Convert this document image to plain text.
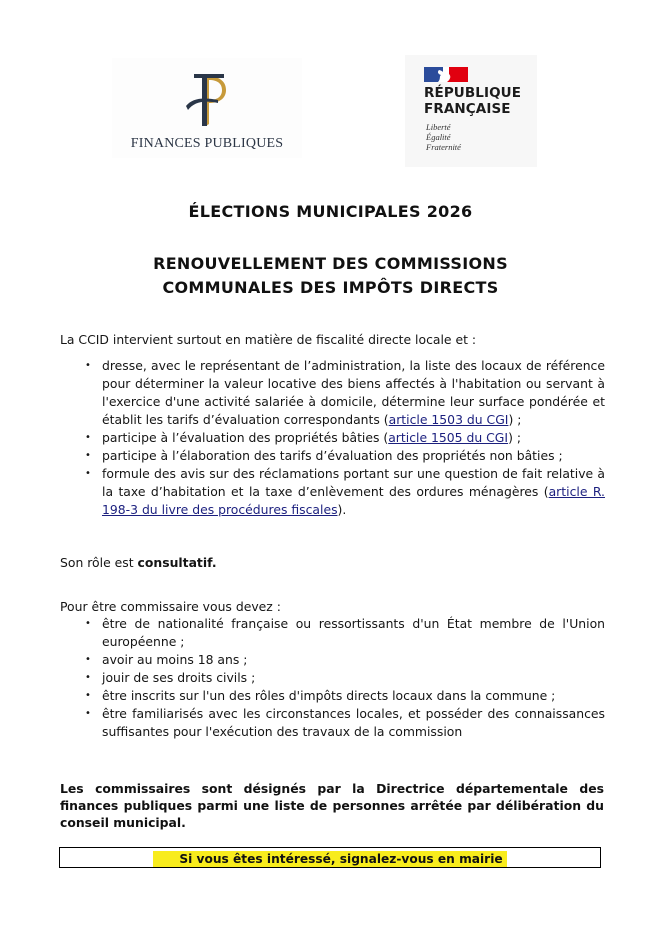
FINANCES PUBLIQUES
RÉPUBLIQUE
FRANÇAISE
Liberté
Égalité
Fraternité
ÉLECTIONS MUNICIPALES 2026
RENOUVELLEMENT DES COMMISSIONS
COMMUNALES DES IMPÔTS DIRECTS
La CCID intervient surtout en matière de fiscalité directe locale et :
• dresse, avec le représentant de l’administration, la liste des locaux de référence pour déterminer la valeur locative des biens affectés à l'habitation ou servant à l'exercice d'une activité salariée à domicile, détermine leur surface pondérée et établit les tarifs d’évaluation correspondants (article 1503 du CGI) ;
• participe à l’évaluation des propriétés bâties (article 1505 du CGI) ;
• participe à l’élaboration des tarifs d’évaluation des propriétés non bâties ;
• formule des avis sur des réclamations portant sur une question de fait relative à la taxe d’habitation et la taxe d’enlèvement des ordures ménagères (article R. 198-3 du livre des procédures fiscales).
Son rôle est consultatif.
Pour être commissaire vous devez :
• être de nationalité française ou ressortissants d'un État membre de l'Union européenne ;
• avoir au moins 18 ans ;
• jouir de ses droits civils ;
• être inscrits sur l'un des rôles d'impôts directs locaux dans la commune ;
• être familiarisés avec les circonstances locales, et posséder des connaissances suffisantes pour l'exécution des travaux de la commission
Les commissaires sont désignés par la Directrice départementale des finances publiques parmi une liste de personnes arrêtée par délibération du conseil municipal.
Si vous êtes intéressé, signalez-vous en mairie
